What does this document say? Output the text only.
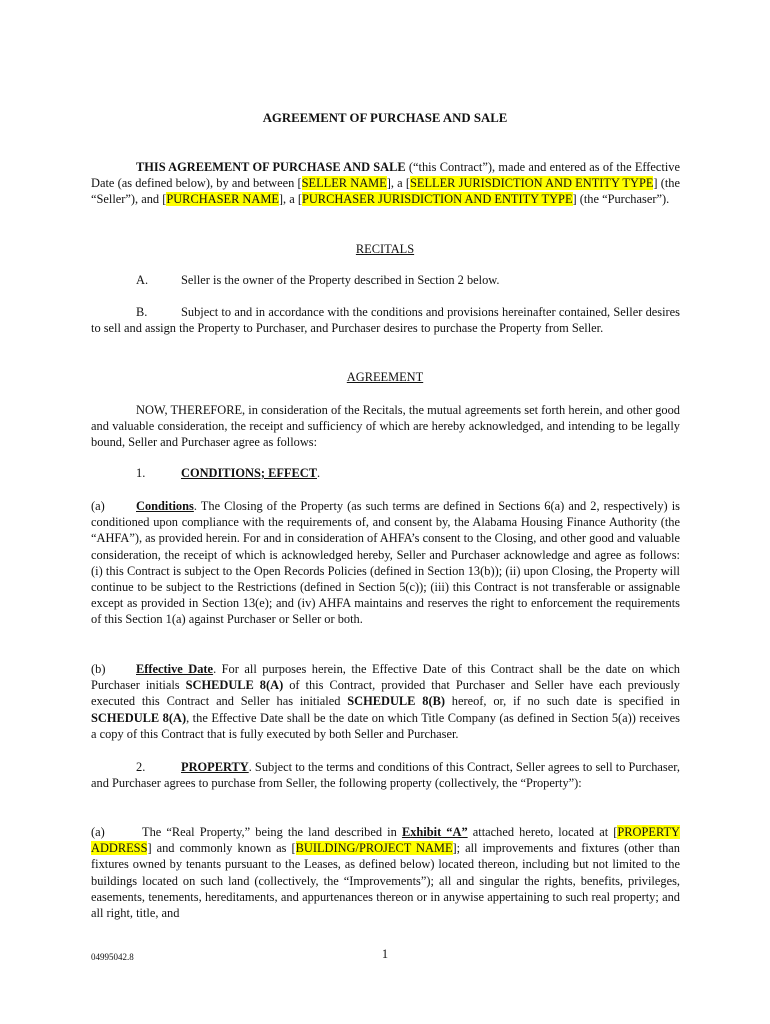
AGREEMENT OF PURCHASE AND SALE
THIS AGREEMENT OF PURCHASE AND SALE (“this Contract”), made and entered as of the Effective Date (as defined below), by and between [SELLER NAME], a [SELLER JURISDICTION AND ENTITY TYPE] (the “Seller”), and [PURCHASER NAME], a [PURCHASER JURISDICTION AND ENTITY TYPE] (the “Purchaser”).
RECITALS
A.	Seller is the owner of the Property described in Section 2 below.
B.	Subject to and in accordance with the conditions and provisions hereinafter contained, Seller desires to sell and assign the Property to Purchaser, and Purchaser desires to purchase the Property from Seller.
AGREEMENT
NOW, THEREFORE, in consideration of the Recitals, the mutual agreements set forth herein, and other good and valuable consideration, the receipt and sufficiency of which are hereby acknowledged, and intending to be legally bound, Seller and Purchaser agree as follows:
1.	CONDITIONS; EFFECT.
(a)	Conditions. The Closing of the Property (as such terms are defined in Sections 6(a) and 2, respectively) is conditioned upon compliance with the requirements of, and consent by, the Alabama Housing Finance Authority (the “AHFA”), as provided herein. For and in consideration of AHFA’s consent to the Closing, and other good and valuable consideration, the receipt of which is acknowledged hereby, Seller and Purchaser acknowledge and agree as follows: (i) this Contract is subject to the Open Records Policies (defined in Section 13(b)); (ii) upon Closing, the Property will continue to be subject to the Restrictions (defined in Section 5(c)); (iii) this Contract is not transferable or assignable except as provided in Section 13(e); and (iv) AHFA maintains and reserves the right to enforcement the requirements of this Section 1(a) against Purchaser or Seller or both.
(b) Effective Date. For all purposes herein, the Effective Date of this Contract shall be the date on which Purchaser initials SCHEDULE 8(A) of this Contract, provided that Purchaser and Seller have each previously executed this Contract and Seller has initialed SCHEDULE 8(B) hereof, or, if no such date is specified in SCHEDULE 8(A), the Effective Date shall be the date on which Title Company (as defined in Section 5(a)) receives a copy of this Contract that is fully executed by both Seller and Purchaser.
2.	PROPERTY. Subject to the terms and conditions of this Contract, Seller agrees to sell to Purchaser, and Purchaser agrees to purchase from Seller, the following property (collectively, the “Property”):
(a)	The “Real Property,” being the land described in Exhibit “A” attached hereto, located at [PROPERTY ADDRESS] and commonly known as [BUILDING/PROJECT NAME]; all improvements and fixtures (other than fixtures owned by tenants pursuant to the Leases, as defined below) located thereon, including but not limited to the buildings located on such land (collectively, the “Improvements”); all and singular the rights, benefits, privileges, easements, tenements, hereditaments, and appurtenances thereon or in anywise appertaining to such real property; and all right, title, and
04995042.8	1
